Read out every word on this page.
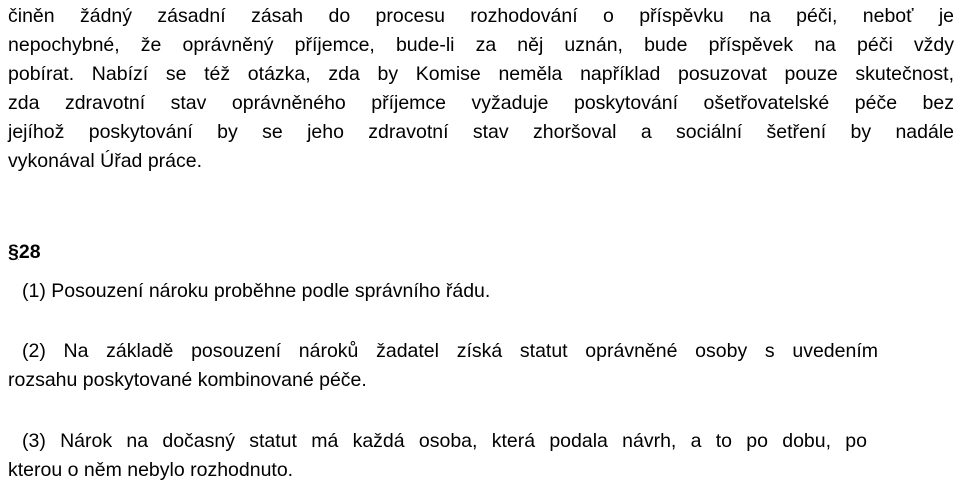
činěn žádný zásadní zásah do procesu rozhodování o příspěvku na péči, neboť je
nepochybné, že oprávněný příjemce, bude-li za něj uznán, bude příspěvek na péči vždy
pobírat. Nabízí se též otázka, zda by Komise neměla například posuzovat pouze skutečnost,
zda zdravotní stav oprávněného příjemce vyžaduje poskytování ošetřovatelské péče bez
jejíhož poskytování by se jeho zdravotní stav zhoršoval a sociální šetření by nadále
vykonával Úřad práce.
§28
(1) Posouzení nároku proběhne podle správního řádu.
(2) Na základě posouzení nároků žadatel získá statut oprávněné osoby s uvedením
rozsahu poskytované kombinované péče.
(3) Nárok na dočasný statut má každá osoba, která podala návrh, a to po dobu, po
kterou o něm nebylo rozhodnuto.
